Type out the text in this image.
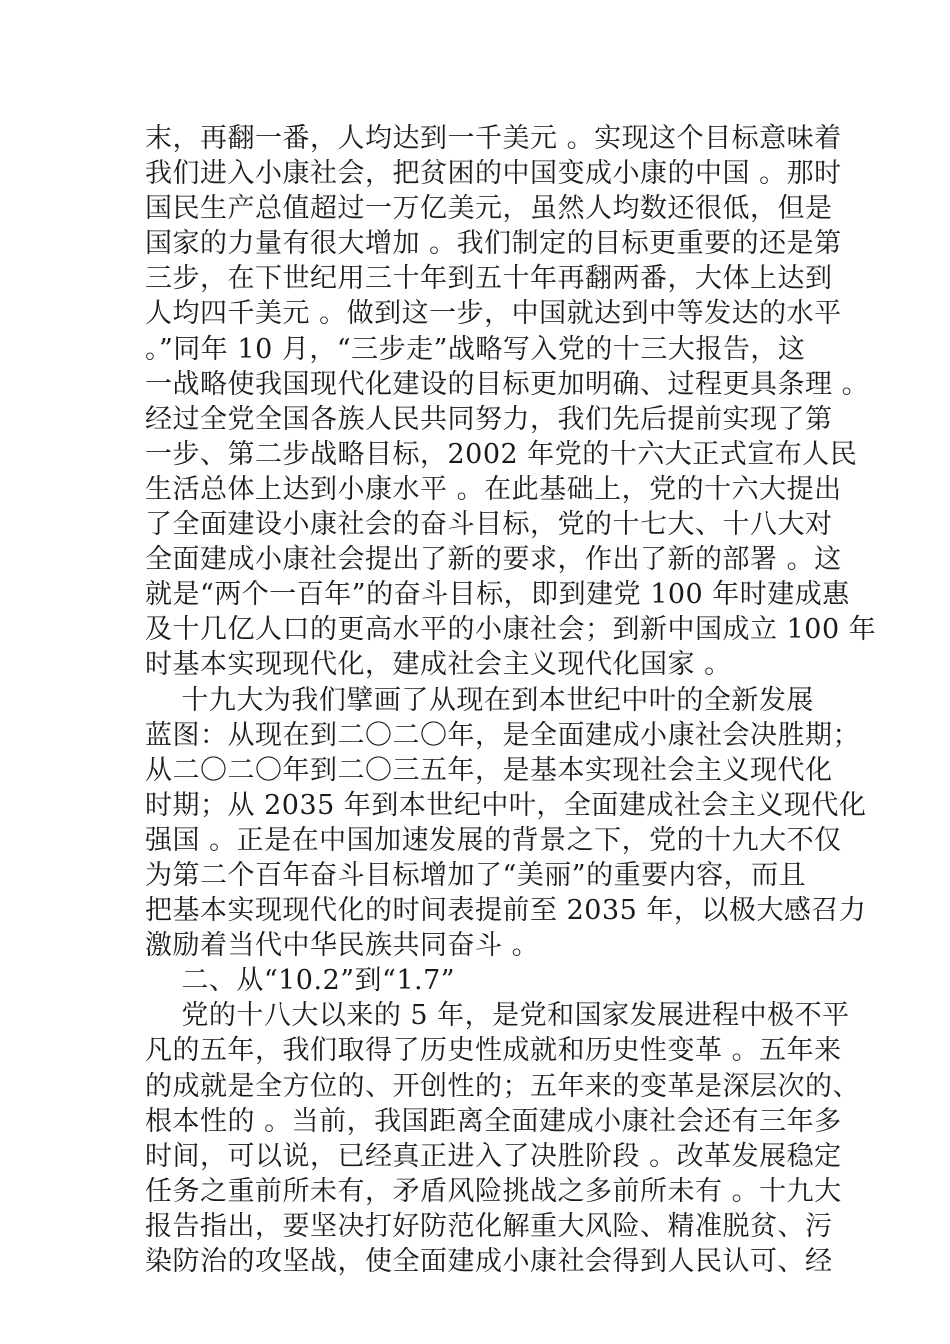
末，再翻一番，人均达到一千美元 。实现这个目标意味着
我们进入小康社会，把贫困的中国变成小康的中国 。那时
国民生产总值超过一万亿美元，虽然人均数还很低，但是
国家的力量有很大增加 。我们制定的目标更重要的还是第
三步，在下世纪用三十年到五十年再翻两番，大体上达到
人均四千美元 。做到这一步，中国就达到中等发达的水平
。”同年 10 月，“三步走”战略写入党的十三大报告，这
一战略使我国现代化建设的目标更加明确、过程更具条理 。
经过全党全国各族人民共同努力，我们先后提前实现了第
一步、第二步战略目标，2002 年党的十六大正式宣布人民
生活总体上达到小康水平 。在此基础上，党的十六大提出
了全面建设小康社会的奋斗目标，党的十七大、十八大对
全面建成小康社会提出了新的要求，作出了新的部署 。这
就是“两个一百年”的奋斗目标，即到建党 100 年时建成惠
及十几亿人口的更高水平的小康社会；到新中国成立 100 年
时基本实现现代化，建成社会主义现代化国家 。
十九大为我们擘画了从现在到本世纪中叶的全新发展
蓝图：从现在到二〇二〇年，是全面建成小康社会决胜期；
从二〇二〇年到二〇三五年，是基本实现社会主义现代化
时期；从 2035 年到本世纪中叶，全面建成社会主义现代化
强国 。正是在中国加速发展的背景之下，党的十九大不仅
为第二个百年奋斗目标增加了“美丽”的重要内容，而且
把基本实现现代化的时间表提前至 2035 年，以极大感召力
激励着当代中华民族共同奋斗 。
二、从“10.2”到“1.7”
党的十八大以来的 5 年，是党和国家发展进程中极不平
凡的五年，我们取得了历史性成就和历史性变革 。五年来
的成就是全方位的、开创性的；五年来的变革是深层次的、
根本性的 。当前，我国距离全面建成小康社会还有三年多
时间，可以说，已经真正进入了决胜阶段 。改革发展稳定
任务之重前所未有，矛盾风险挑战之多前所未有 。十九大
报告指出，要坚决打好防范化解重大风险、精准脱贫、污
染防治的攻坚战，使全面建成小康社会得到人民认可、经
